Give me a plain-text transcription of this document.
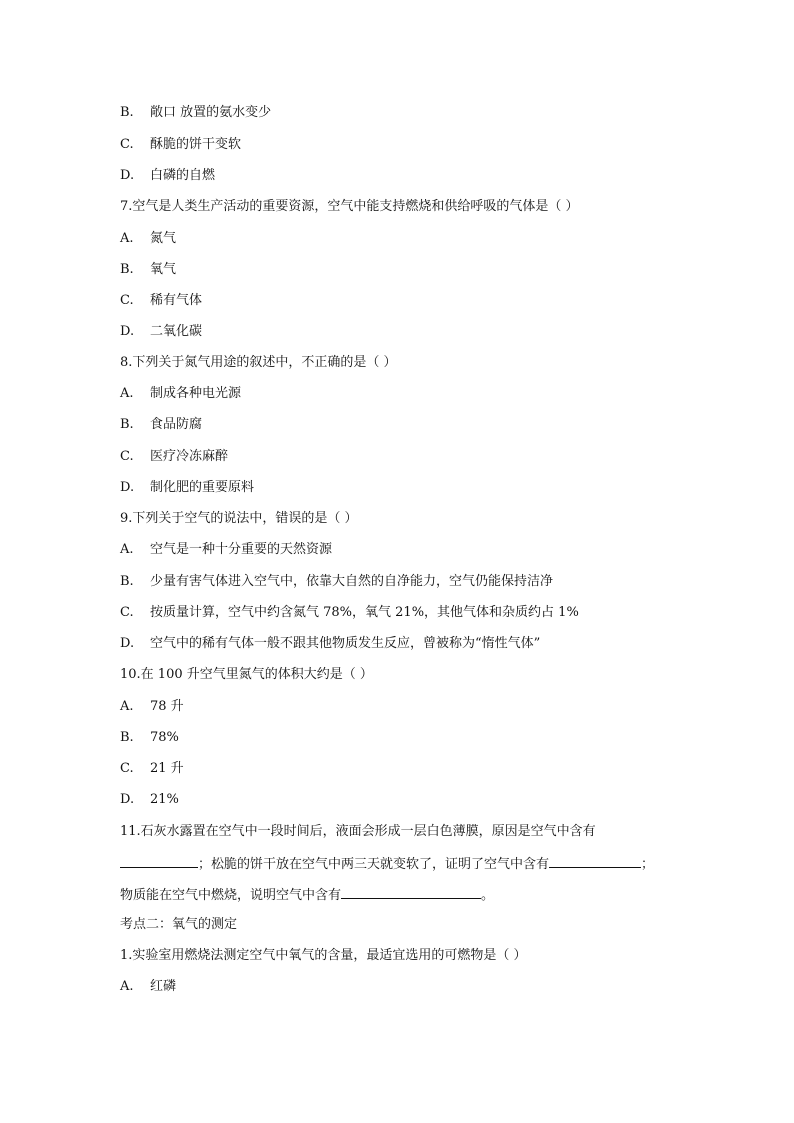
B. 敞口 放置的氨水变少
C. 酥脆的饼干变软
D. 白磷的自燃
7.空气是人类生产活动的重要资源，空气中能支持燃烧和供给呼吸的气体是（ ）
A. 氮气
B. 氧气
C. 稀有气体
D. 二氧化碳
8.下列关于氮气用途的叙述中，不正确的是（ ）
A. 制成各种电光源
B. 食品防腐
C. 医疗冷冻麻醉
D. 制化肥的重要原料
9.下列关于空气的说法中，错误的是（ ）
A. 空气是一种十分重要的天然资源
B. 少量有害气体进入空气中，依靠大自然的自净能力，空气仍能保持洁净
C. 按质量计算，空气中约含氮气 78%，氧气 21%，其他气体和杂质约占 1%
D. 空气中的稀有气体一般不跟其他物质发生反应，曾被称为“惰性气体”
10.在 100 升空气里氮气的体积大约是（ ）
A. 78 升
B. 78%
C. 21 升
D. 21%
11.石灰水露置在空气中一段时间后，液面会形成一层白色薄膜，原因是空气中含有
；松脆的饼干放在空气中两三天就变软了，证明了空气中含有	；
物质能在空气中燃烧，说明空气中含有	。
考点二：氧气的测定
1.实验室用燃烧法测定空气中氧气的含量，最适宜选用的可燃物是（ ）
A. 红磷
